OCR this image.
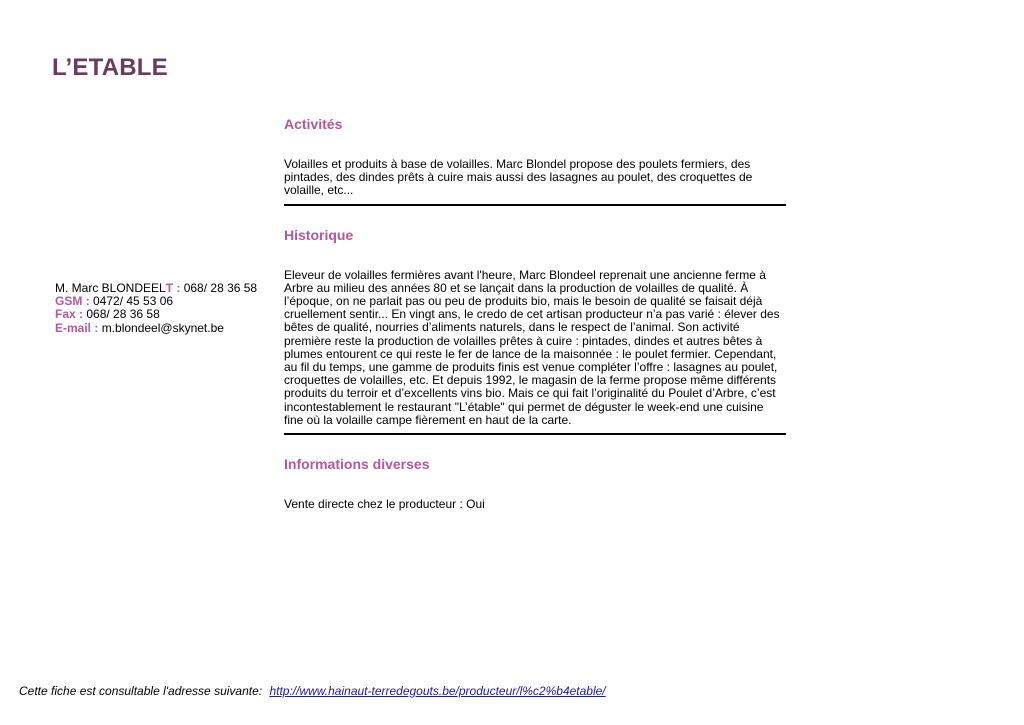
L’ETABLE
M. Marc BLONDEELT : 068/ 28 36 58
GSM : 0472/ 45 53 06
Fax : 068/ 28 36 58
E-mail : m.blondeel@skynet.be
Activités

Volailles et produits à base de volailles. Marc Blondel propose des poulets fermiers, des pintades, des dindes prêts à cuire mais aussi des lasagnes au poulet, des croquettes de volaille, etc...

Historique

Eleveur de volailles fermières avant l'heure, Marc Blondeel reprenait une ancienne ferme à Arbre au milieu des années 80 et se lançait dans la production de volailles de qualité. À l’époque, on ne parlait pas ou peu de produits bio, mais le besoin de qualité se faisait déjà cruellement sentir... En vingt ans, le credo de cet artisan producteur n’a pas varié : élever des bêtes de qualité, nourries d’aliments naturels, dans le respect de l’animal. Son activité première reste la production de volailles prêtes à cuire : pintades, dindes et autres bêtes à plumes entourent ce qui reste le fer de lance de la maisonnée : le poulet fermier. Cependant, au fil du temps, une gamme de produits finis est venue compléter l’offre : lasagnes au poulet, croquettes de volailles, etc. Et depuis 1992, le magasin de la ferme propose même différents produits du terroir et d’excellents vins bio. Mais ce qui fait l’originalité du Poulet d’Arbre, c’est incontestablement le restaurant "L’étable" qui permet de déguster le week-end une cuisine fine où la volaille campe fièrement en haut de la carte.

Informations diverses

Vente directe chez le producteur : Oui

Cette fiche est consultable l'adresse suivante: http://www.hainaut-terredegouts.be/producteur/l%c2%b4etable/
